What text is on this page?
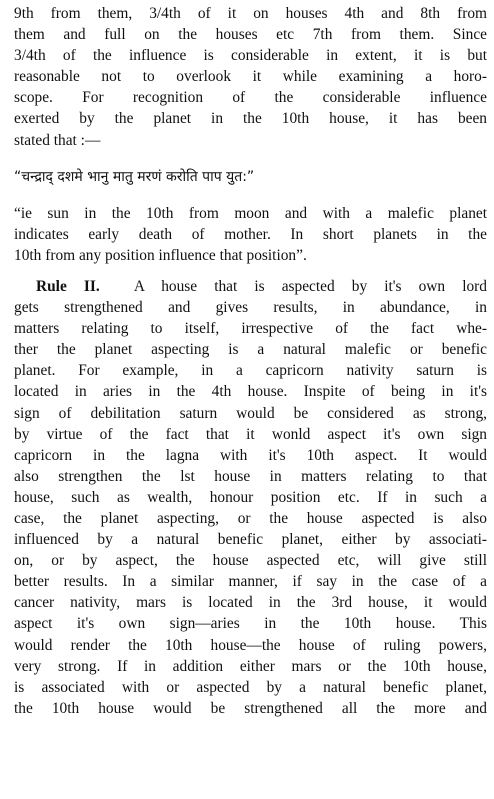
9th from them, 3/4th of it on houses 4th and 8th from
them and full on the houses etc 7th from them. Since
3/4th of the influence is considerable in extent, it is but
reasonable not to overlook it while examining a horo-
scope. For recognition of the considerable influence
exerted by the planet in the 10th house, it has been
stated that :—

“चन्द्राद् दशमे भानु मातु मरणं करोति पाप युत:”

“ie sun in the 10th from moon and with a malefic planet
indicates early death of mother. In short planets in the
10th from any position influence that position”.
Rule II. A house that is aspected by it's own lord
gets strengthened and gives results, in abundance, in
matters relating to itself, irrespective of the fact whe-
ther the planet aspecting is a natural malefic or benefic
planet. For example, in a capricorn nativity saturn is
located in aries in the 4th house. Inspite of being in it's
sign of debilitation saturn would be considered as strong,
by virtue of the fact that it wonld aspect it's own sign
capricorn in the lagna with it's 10th aspect. It would
also strengthen the lst house in matters relating to that
house, such as wealth, honour position etc. If in such a
case, the planet aspecting, or the house aspected is also
influenced by a natural benefic planet, either by associati-
on, or by aspect, the house aspected etc, will give still
better results. In a similar manner, if say in the case of a
cancer nativity, mars is located in the 3rd house, it would
aspect it's own sign—aries in the 10th house. This
would render the 10th house—the house of ruling powers,
very strong. If in addition either mars or the 10th house,
is associated with or aspected by a natural benefic planet,
the 10th house would be strengthened all the more and
